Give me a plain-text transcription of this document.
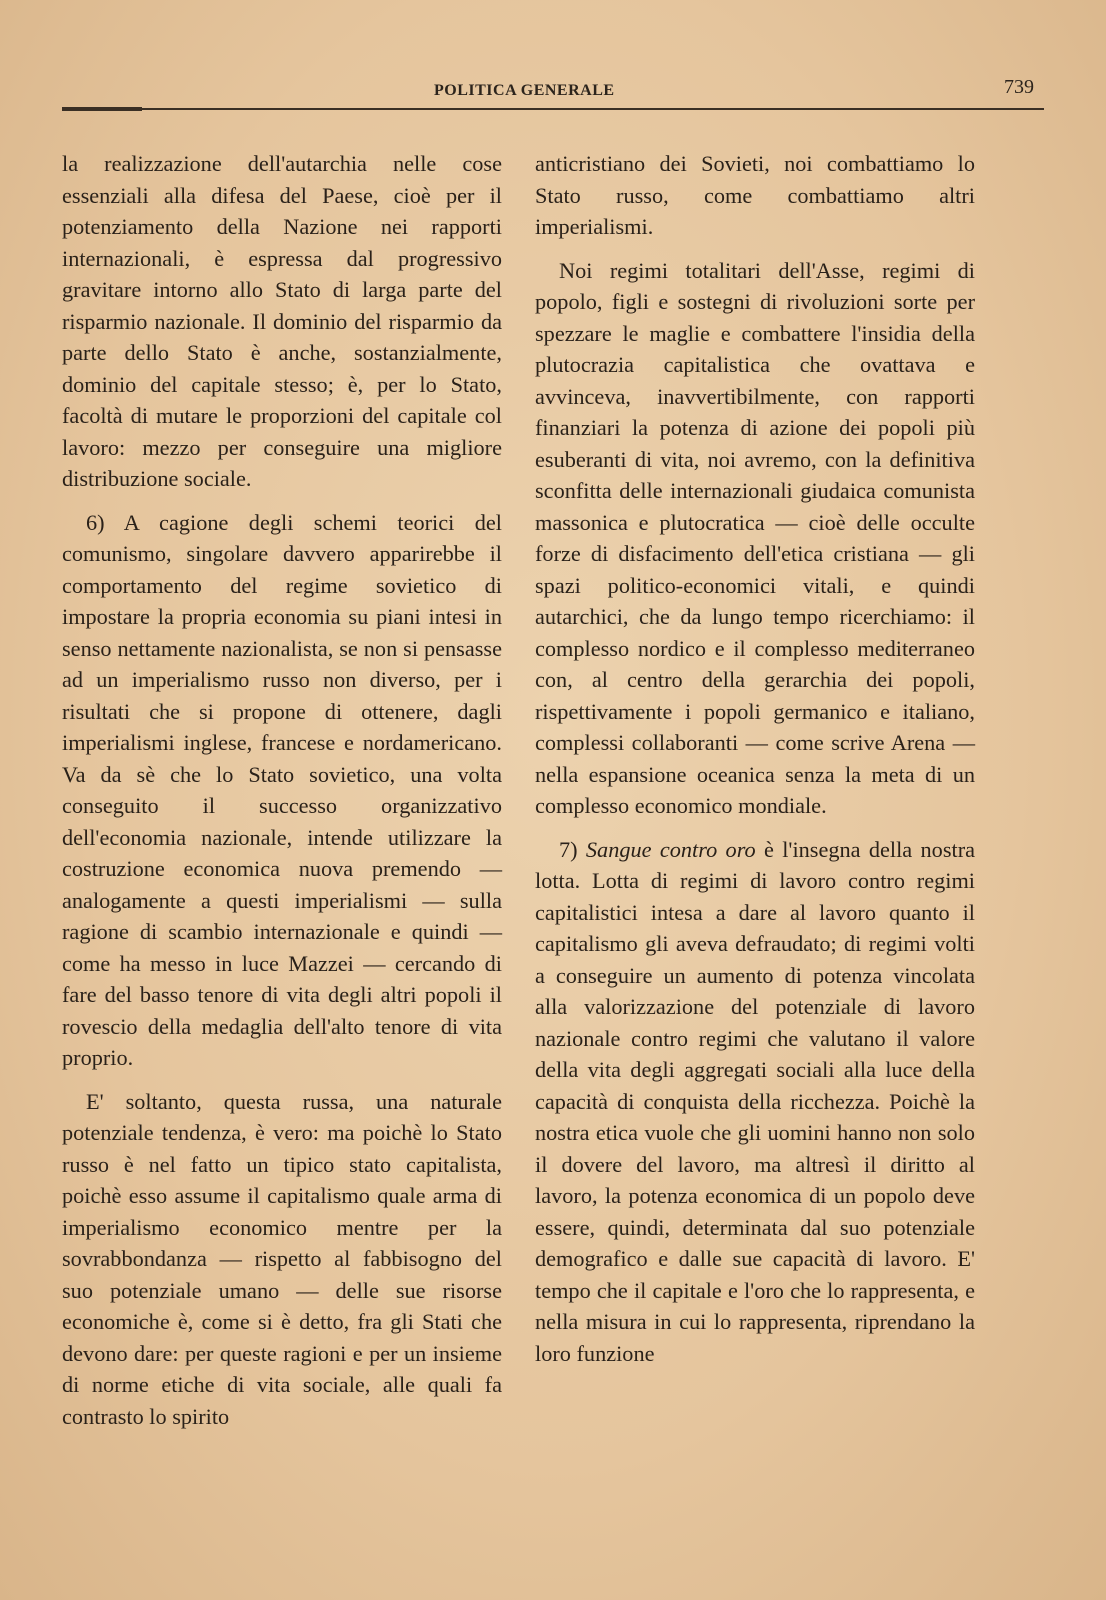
POLITICA GENERALE	739

la realizzazione dell'autarchia nelle cose essenziali alla difesa del Paese, cioè per il potenziamento della Nazione nei rapporti internazionali, è espressa dal progressivo gravitare intorno allo Stato di larga parte del risparmio nazionale. Il dominio del risparmio da parte dello Stato è anche, sostanzialmente, dominio del capitale stesso; è, per lo Stato, facoltà di mutare le proporzioni del capitale col lavoro: mezzo per conseguire una migliore distribuzione sociale.

6) A cagione degli schemi teorici del comunismo, singolare davvero apparirebbe il comportamento del regime sovietico di impostare la propria economia su piani intesi in senso nettamente nazionalista, se non si pensasse ad un imperialismo russo non diverso, per i risultati che si propone di ottenere, dagli imperialismi inglese, francese e nordamericano. Va da sè che lo Stato sovietico, una volta conseguito il successo organizzativo dell'economia nazionale, intende utilizzare la costruzione economica nuova premendo — analogamente a questi imperialismi — sulla ragione di scambio internazionale e quindi — come ha messo in luce Mazzei — cercando di fare del basso tenore di vita degli altri popoli il rovescio della medaglia dell'alto tenore di vita proprio.

E' soltanto, questa russa, una naturale potenziale tendenza, è vero: ma poichè lo Stato russo è nel fatto un tipico stato capitalista, poichè esso assume il capitalismo quale arma di imperialismo economico mentre per la sovrabbondanza — rispetto al fabbisogno del suo potenziale umano — delle sue risorse economiche è, come si è detto, fra gli Stati che devono dare: per queste ragioni e per un insieme di norme etiche di vita sociale, alle quali fa contrasto lo spirito

anticristiano dei Sovieti, noi combattiamo lo Stato russo, come combattiamo altri imperialismi.

Noi regimi totalitari dell'Asse, regimi di popolo, figli e sostegni di rivoluzioni sorte per spezzare le maglie e combattere l'insidia della plutocrazia capitalistica che ovattava e avvinceva, inavvertibilmente, con rapporti finanziari la potenza di azione dei popoli più esuberanti di vita, noi avremo, con la definitiva sconfitta delle internazionali giudaica comunista massonica e plutocratica — cioè delle occulte forze di disfacimento dell'etica cristiana — gli spazi politico-economici vitali, e quindi autarchici, che da lungo tempo ricerchiamo: il complesso nordico e il complesso mediterraneo con, al centro della gerarchia dei popoli, rispettivamente i popoli germanico e italiano, complessi collaboranti — come scrive Arena — nella espansione oceanica senza la meta di un complesso economico mondiale.

7) Sangue contro oro è l'insegna della nostra lotta. Lotta di regimi di lavoro contro regimi capitalistici intesa a dare al lavoro quanto il capitalismo gli aveva defraudato; di regimi volti a conseguire un aumento di potenza vincolata alla valorizzazione del potenziale di lavoro nazionale contro regimi che valutano il valore della vita degli aggregati sociali alla luce della capacità di conquista della ricchezza. Poichè la nostra etica vuole che gli uomini hanno non solo il dovere del lavoro, ma altresì il diritto al lavoro, la potenza economica di un popolo deve essere, quindi, determinata dal suo potenziale demografico e dalle sue capacità di lavoro. E' tempo che il capitale e l'oro che lo rappresenta, e nella misura in cui lo rappresenta, riprendano la loro funzione
